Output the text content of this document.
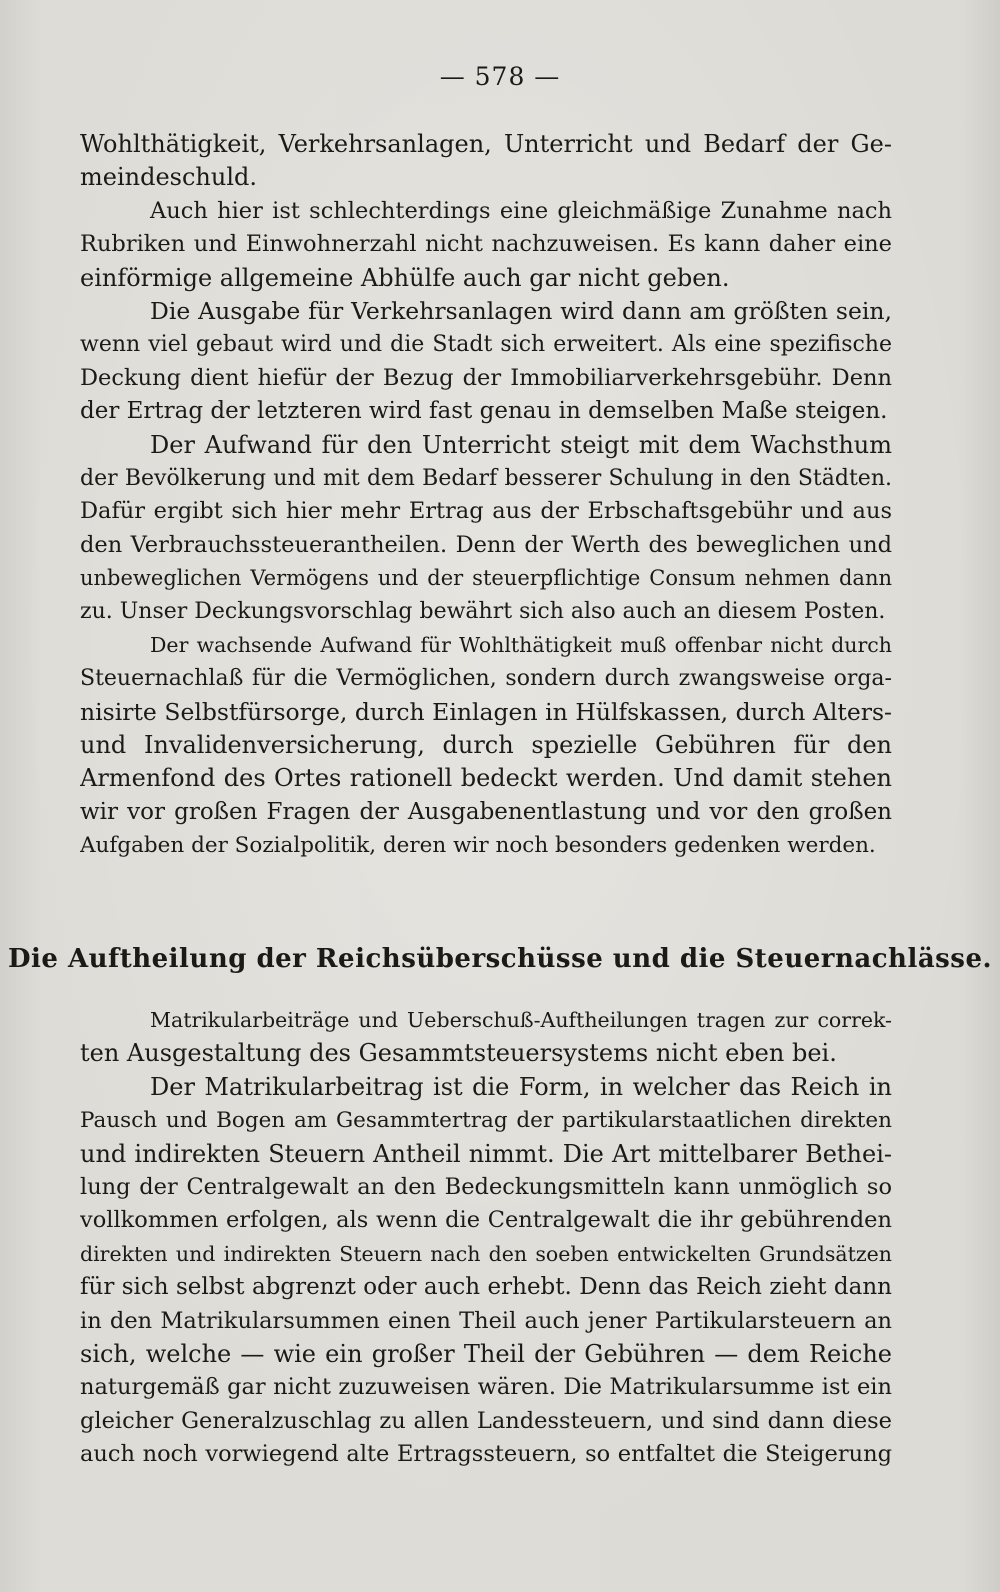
— 578 —
Wohlthätigkeit, Verkehrsanlagen, Unterricht und Bedarf der Ge-
meindeschuld.
Auch hier ist schlechterdings eine gleichmäßige Zunahme nach
Rubriken und Einwohnerzahl nicht nachzuweisen. Es kann daher eine
einförmige allgemeine Abhülfe auch gar nicht geben.
Die Ausgabe für Verkehrsanlagen wird dann am größten sein,
wenn viel gebaut wird und die Stadt sich erweitert. Als eine spezifische
Deckung dient hiefür der Bezug der Immobiliarverkehrsgebühr. Denn
der Ertrag der letzteren wird fast genau in demselben Maße steigen.
Der Aufwand für den Unterricht steigt mit dem Wachsthum
der Bevölkerung und mit dem Bedarf besserer Schulung in den Städten.
Dafür ergibt sich hier mehr Ertrag aus der Erbschaftsgebühr und aus
den Verbrauchssteuerantheilen. Denn der Werth des beweglichen und
unbeweglichen Vermögens und der steuerpflichtige Consum nehmen dann
zu. Unser Deckungsvorschlag bewährt sich also auch an diesem Posten.
Der wachsende Aufwand für Wohlthätigkeit muß offenbar nicht durch
Steuernachlaß für die Vermöglichen, sondern durch zwangsweise orga-
nisirte Selbstfürsorge, durch Einlagen in Hülfskassen, durch Alters-
und Invalidenversicherung, durch spezielle Gebühren für den
Armenfond des Ortes rationell bedeckt werden. Und damit stehen
wir vor großen Fragen der Ausgabenentlastung und vor den großen
Aufgaben der Sozialpolitik, deren wir noch besonders gedenken werden.
Die Auftheilung der Reichsüberschüsse und die Steuernachlässe.
Matrikularbeiträge und Ueberschuß-Auftheilungen tragen zur correk-
ten Ausgestaltung des Gesammtsteuersystems nicht eben bei.
Der Matrikularbeitrag ist die Form, in welcher das Reich in
Pausch und Bogen am Gesammtertrag der partikularstaatlichen direkten
und indirekten Steuern Antheil nimmt. Die Art mittelbarer Bethei-
lung der Centralgewalt an den Bedeckungsmitteln kann unmöglich so
vollkommen erfolgen, als wenn die Centralgewalt die ihr gebührenden
direkten und indirekten Steuern nach den soeben entwickelten Grundsätzen
für sich selbst abgrenzt oder auch erhebt. Denn das Reich zieht dann
in den Matrikularsummen einen Theil auch jener Partikularsteuern an
sich, welche — wie ein großer Theil der Gebühren — dem Reiche
naturgemäß gar nicht zuzuweisen wären. Die Matrikularsumme ist ein
gleicher Generalzuschlag zu allen Landessteuern, und sind dann diese
auch noch vorwiegend alte Ertragssteuern, so entfaltet die Steigerung
